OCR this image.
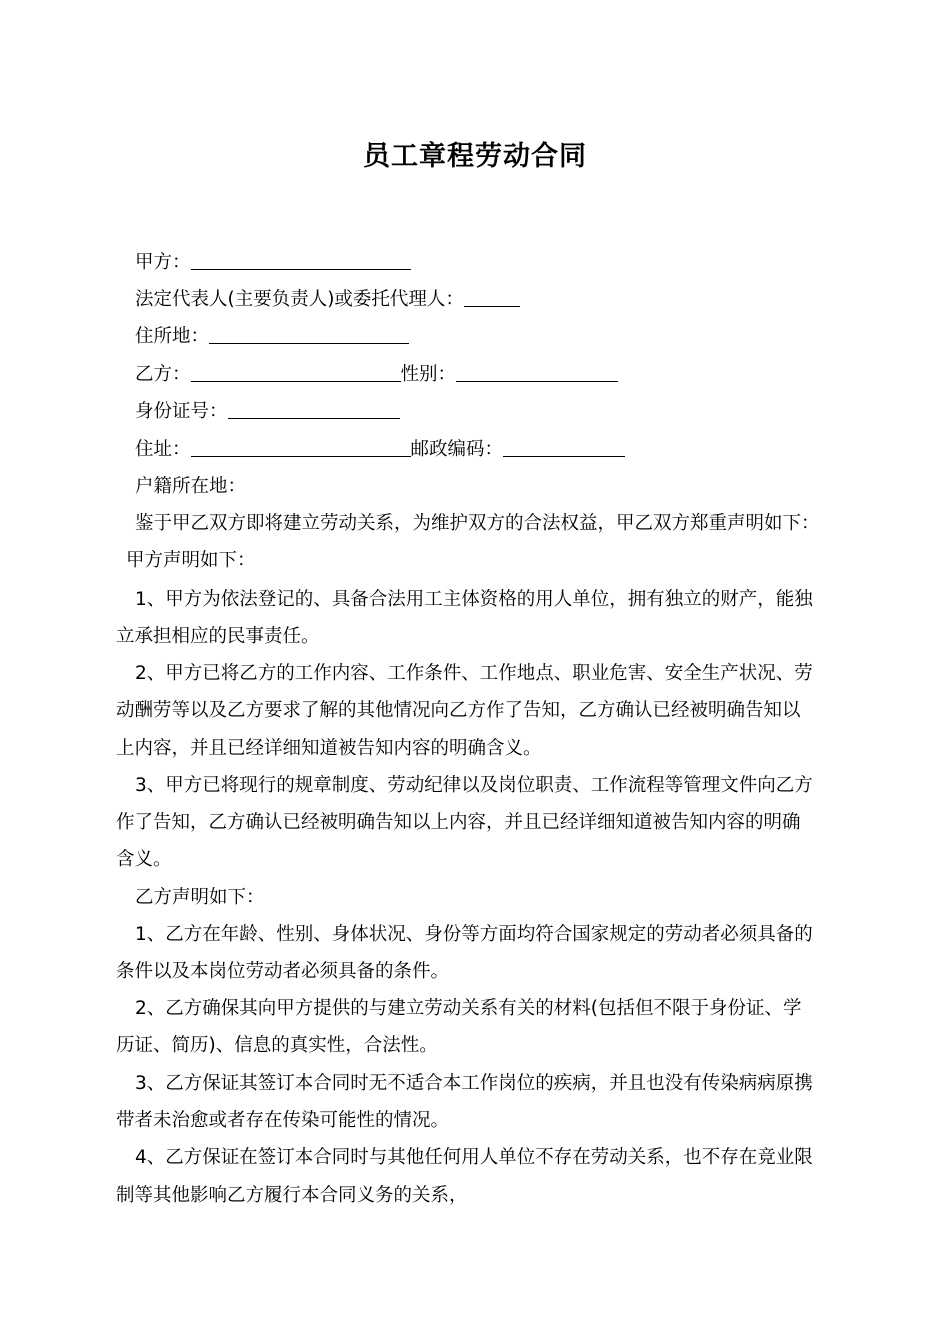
员工章程劳动合同
甲方：
法定代表人(主要负责人)或委托代理人：
住所地：
乙方：	性别：
身份证号：
住址：	邮政编码：
户籍所在地：
鉴于甲乙双方即将建立劳动关系，为维护双方的合法权益，甲乙双方郑重声明如下：
甲方声明如下：
1、甲方为依法登记的、具备合法用工主体资格的用人单位，拥有独立的财产，能独
立承担相应的民事责任。
2、甲方已将乙方的工作内容、工作条件、工作地点、职业危害、安全生产状况、劳
动酬劳等以及乙方要求了解的其他情况向乙方作了告知，乙方确认已经被明确告知以
上内容，并且已经详细知道被告知内容的明确含义。
3、甲方已将现行的规章制度、劳动纪律以及岗位职责、工作流程等管理文件向乙方
作了告知，乙方确认已经被明确告知以上内容，并且已经详细知道被告知内容的明确
含义。
乙方声明如下：
1、乙方在年龄、性别、身体状况、身份等方面均符合国家规定的劳动者必须具备的
条件以及本岗位劳动者必须具备的条件。
2、乙方确保其向甲方提供的与建立劳动关系有关的材料(包括但不限于身份证、学
历证、简历)、信息的真实性，合法性。
3、乙方保证其签订本合同时无不适合本工作岗位的疾病，并且也没有传染病病原携
带者未治愈或者存在传染可能性的情况。
4、乙方保证在签订本合同时与其他任何用人单位不存在劳动关系，也不存在竞业限
制等其他影响乙方履行本合同义务的关系，
